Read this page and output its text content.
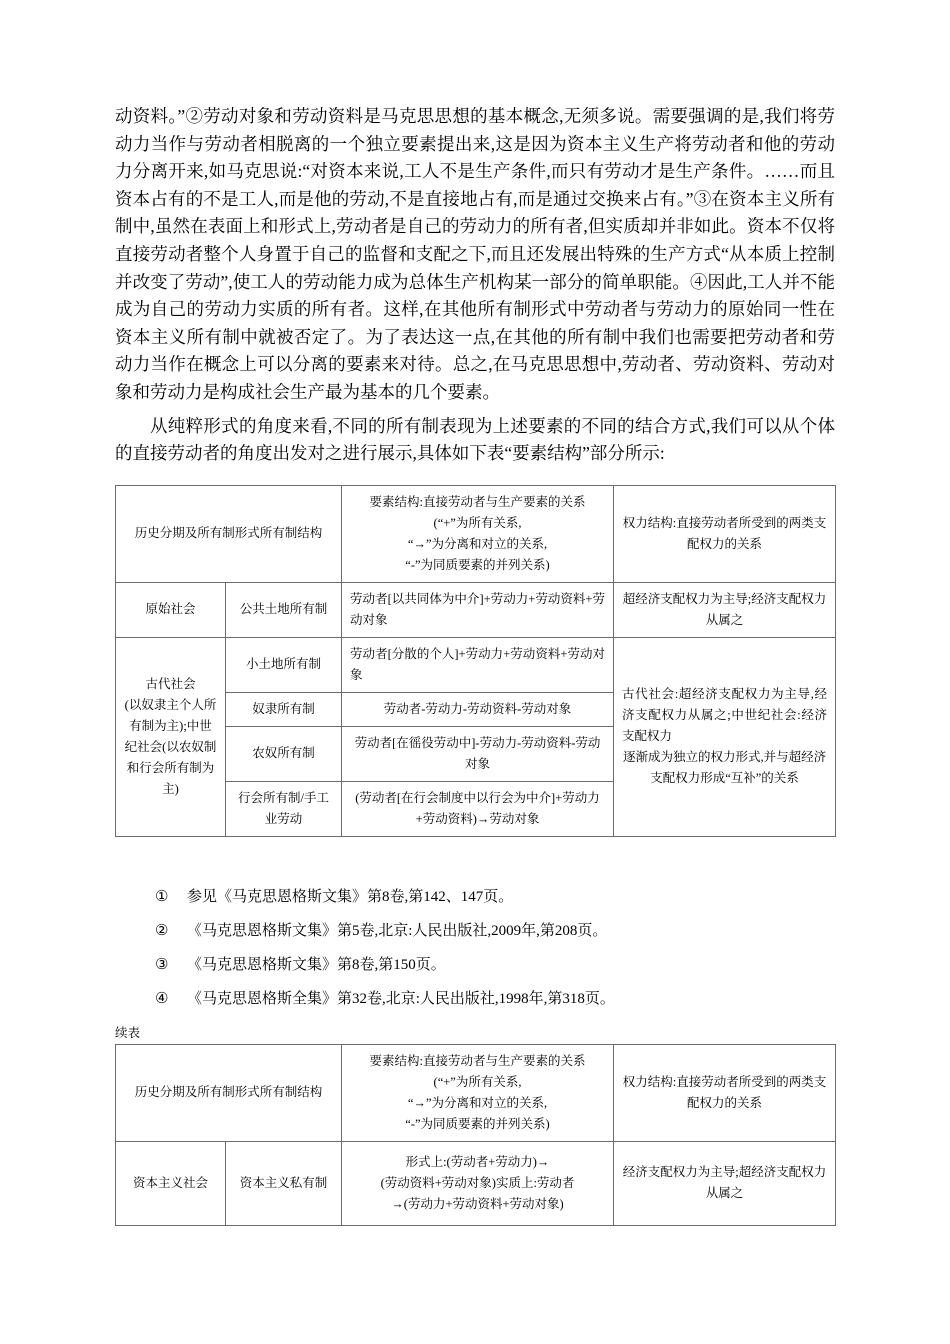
动资料。”②劳动对象和劳动资料是马克思思想的基本概念,无须多说。需要强调的是,我们将劳动力当作与劳动者相脱离的一个独立要素提出来,这是因为资本主义生产将劳动者和他的劳动力分离开来,如马克思说:“对资本来说,工人不是生产条件,而只有劳动才是生产条件。……而且资本占有的不是工人,而是他的劳动,不是直接地占有,而是通过交换来占有。”③在资本主义所有制中,虽然在表面上和形式上,劳动者是自己的劳动力的所有者,但实质却并非如此。资本不仅将直接劳动者整个人身置于自己的监督和支配之下,而且还发展出特殊的生产方式“从本质上控制并改变了劳动”,使工人的劳动能力成为总体生产机构某一部分的简单职能。④因此,工人并不能成为自己的劳动力实质的所有者。这样,在其他所有制形式中劳动者与劳动力的原始同一性在资本主义所有制中就被否定了。为了表达这一点,在其他的所有制中我们也需要把劳动者和劳动力当作在概念上可以分离的要素来对待。总之,在马克思思想中,劳动者、劳动资料、劳动对象和劳动力是构成社会生产最为基本的几个要素。

从纯粹形式的角度来看,不同的所有制表现为上述要素的不同的结合方式,我们可以从个体的直接劳动者的角度出发对之进行展示,具体如下表“要素结构”部分所示:

历史分期及所有制形式所有制结构		要素结构:直接劳动者与生产要素的关系
(“+”为所有关系,
“→”为分离和对立的关系,
“-”为同质要素的并列关系)	权力结构:直接劳动者所受到的两类支配权力的关系

原始社会	公共土地所有制	劳动者[以共同体为中介]+劳动力+劳动资料+劳动对象	超经济支配权力为主导;经济支配权力从属之

古代社会
(以奴隶主个人所有制为主);中世纪社会(以农奴制和行会所有制为主)
	小土地所有制	劳动者[分散的个人]+劳动力+劳动资料+劳动对象	
古代社会:超经济支配权力为主导,经济支配权力从属之;中世纪社会:经济支配权力
逐渐成为独立的权力形式,并与超经济支配权力形成“互补”的关系

	奴隶所有制	劳动者-劳动力-劳动资料-劳动对象	
	农奴所有制	劳动者[在徭役劳动中]-劳动力-劳动资料-劳动对象	
	行会所有制/手工业劳动	(劳动者[在行会制度中以行会为中介]+劳动力+劳动资料)→劳动对象	
①	参见《马克思恩格斯文集》第8卷,第142、147页。
②	《马克思恩格斯文集》第5卷,北京:人民出版社,2009年,第208页。
③	《马克思恩格斯文集》第8卷,第150页。
④	《马克思恩格斯全集》第32卷,北京:人民出版社,1998年,第318页。
续表
历史分期及所有制形式所有制结构		要素结构:直接劳动者与生产要素的关系
(“+”为所有关系,
“→”为分离和对立的关系,
“-”为同质要素的并列关系)	权力结构:直接劳动者所受到的两类支配权力的关系

资本主义社会	资本主义私有制	形式上:(劳动者+劳动力)→
(劳动资料+劳动对象)实质上:劳动者
→(劳动力+劳动资料+劳动对象)	经济支配权力为主导;超经济支配权力从属之
